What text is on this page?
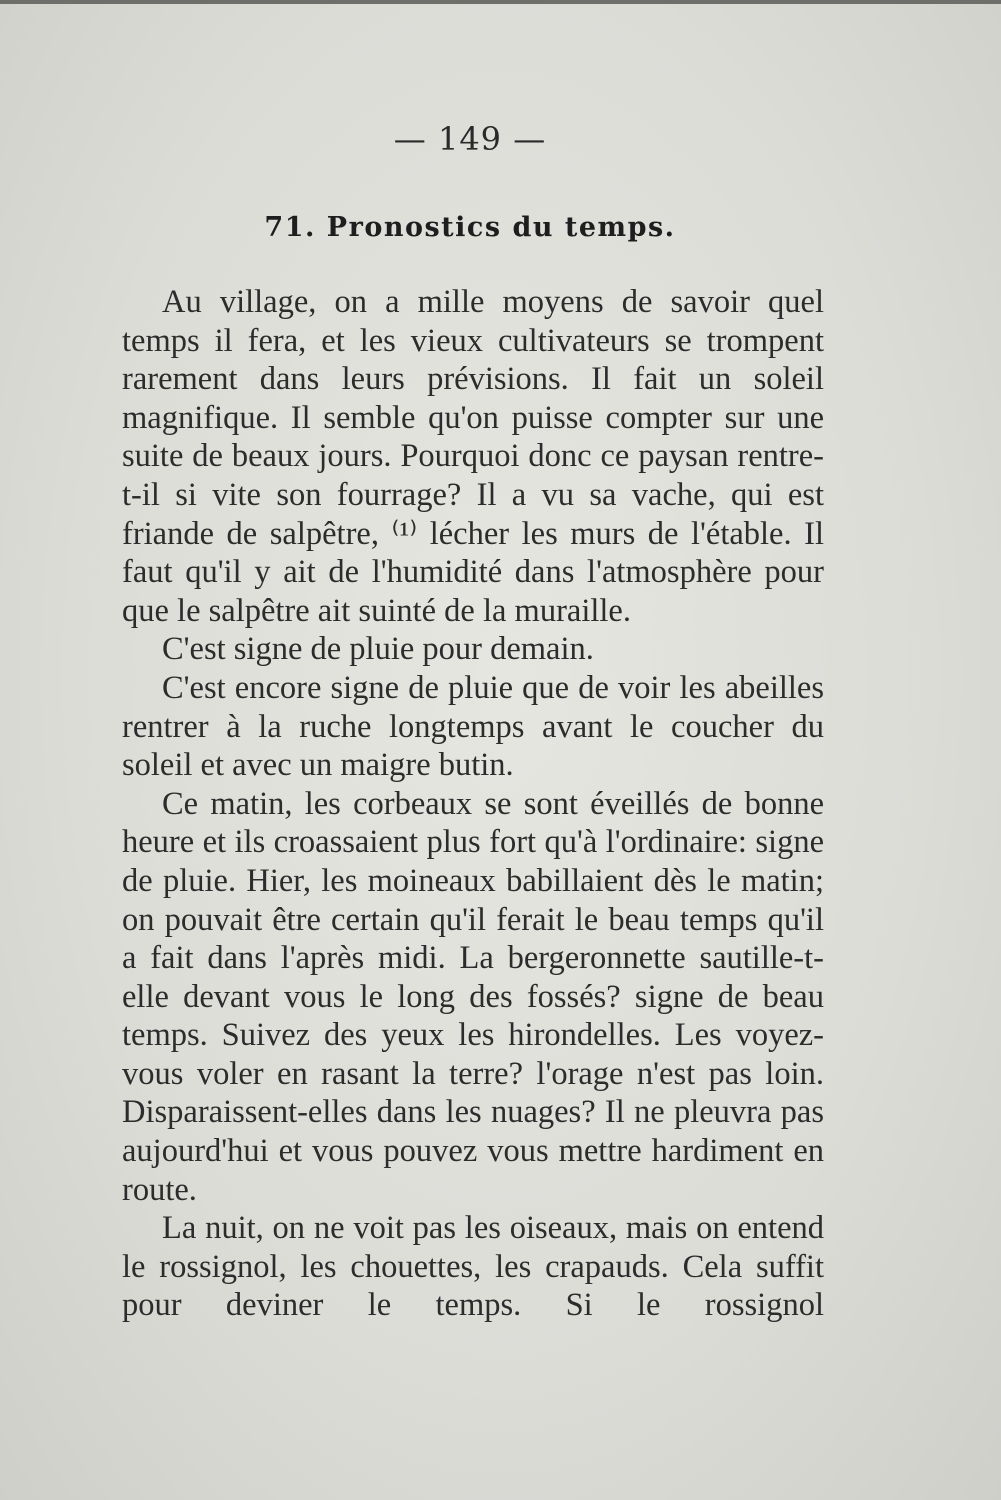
— 149 —
71. Pronostics du temps.

Au village, on a mille moyens de savoir quel temps il fera, et les vieux cultivateurs se trompent rarement dans leurs prévisions. Il fait un soleil magnifique. Il semble qu'on puisse compter sur une suite de beaux jours. Pourquoi donc ce paysan rentre-t-il si vite son fourrage? Il a vu sa vache, qui est friande de salpêtre, ⁽¹⁾ lécher les murs de l'étable. Il faut qu'il y ait de l'humidité dans l'atmosphère pour que le salpêtre ait suinté de la muraille.

C'est signe de pluie pour demain.

C'est encore signe de pluie que de voir les abeilles rentrer à la ruche longtemps avant le coucher du soleil et avec un maigre butin.

Ce matin, les corbeaux se sont éveillés de bonne heure et ils croassaient plus fort qu'à l'ordinaire: signe de pluie. Hier, les moineaux babillaient dès le matin; on pouvait être certain qu'il ferait le beau temps qu'il a fait dans l'après midi. La bergeronnette sautille-t-elle devant vous le long des fossés? signe de beau temps. Suivez des yeux les hirondelles. Les voyez-vous voler en rasant la terre? l'orage n'est pas loin. Disparaissent-elles dans les nuages? Il ne pleuvra pas aujourd'hui et vous pouvez vous mettre hardiment en route.

La nuit, on ne voit pas les oiseaux, mais on entend le rossignol, les chouettes, les crapauds. Cela suffit pour deviner le temps. Si le rossignol
